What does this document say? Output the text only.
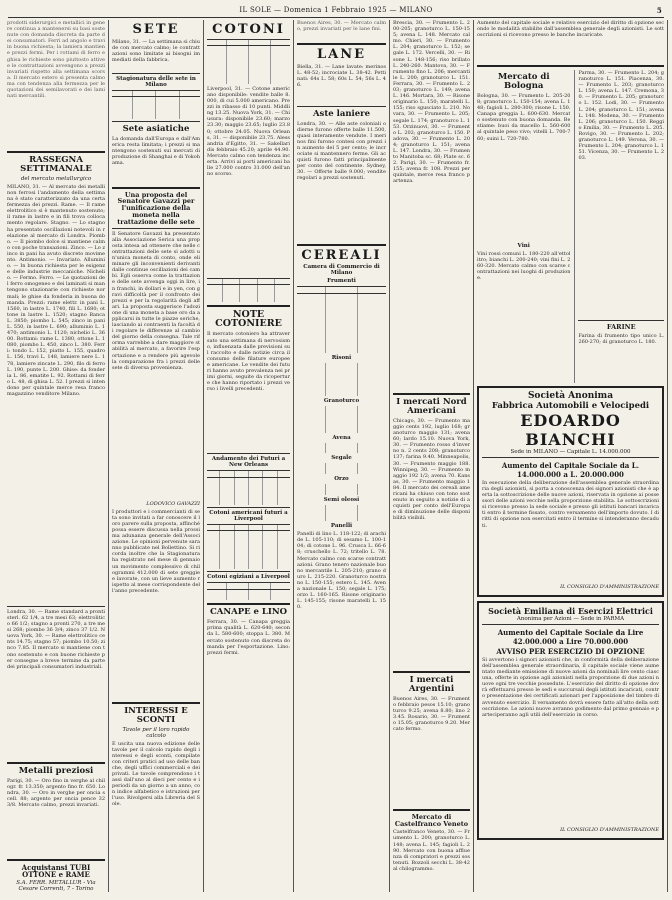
IL SOLE — Domenica 1 Febbraio 1925 — MILANO	5
prodotti siderurgici e metallici in genere continua a mantenersi su basi sostenute con domanda discreta da parte dei consumatori. Ferri ad angolo e travi in buona richiesta; la lamiera mantiene prezzi fermi. Per i rottami di ferro e ghisa le richieste sono piuttosto attive e le contrattazioni avvengono a prezzi invariati rispetto alla settimana scorsa. Il mercato estero si presenta calmo ma con tendenza alla fermezza per le quotazioni dei semilavorati e dei laminati mercantili.
RASSEGNA SETTIMANALE
del mercato metallurgico
MILANO, 31. — Al mercato dei metalli non ferrosi l'andamento della settimana è stato caratterizzato da una certa fermezza dei prezzi. Rame. — Il rame elettrolitico si è mantenuto sostenuto; il rame in lastre e in fili trova collocamento regolare. Stagno. — Lo stagno ha presentato oscillazioni notevoli in relazione al mercato di Londra. Piombo. — Il piombo dolce si mantiene calmo con poche transazioni. Zinco. — Lo zinco in pani ha avuto discreto movimento. Antimonio. — Invariato. Alluminio. — In buona richiesta per le esigenze delle industrie meccaniche. Nichelio. — Fermo. Ferro. — Le quotazioni del ferro omogeneo e dei laminati si mantengono stazionarie con richieste normali; le ghise da fonderia in buona domanda. Prezzi: rame elettr. in pani L. 1560, in lastre L. 1740, fili L. 1680; ottone in lastre L. 1520; stagno Banca L. 3850; piombo L. 545; zinco in pani L. 550, in lastre L. 690; alluminio L. 1470; antimonio L. 1120; nichelio L. 3600. Rottami: rame L. 1380, ottone L. 1080, piombo L. 450, zinco L. 380. Ferri: tondo L. 152, piatto L. 155, quadro L. 156, travi L. 148, lamiere nere L. 178, lamiere zincate L. 290, filo di ferro L. 190, punte L. 200. Ghise: da fonderia L. 86, ematite L. 92. Rottami di ferro L. 48, di ghisa L. 52. I prezzi si intendono per quintale merce resa franco magazzino venditore Milano.
Londra, 30. — Rame standard a pronti sterl. 62 1/4, a tre mesi 63; elettrolitico 66 1/2; stagno a pronti 270, a tre mesi 268; piombo 36 3/4; zinco 37 1/2. Nuova York, 30. — Rame elettrolitico cents 14.75; stagno 57; piombo 10.50; zinco 7.85. Il mercato si mantiene con tono sostenuto e con buone richieste per consegne a breve termine da parte dei principali consumatori industriali.
Metalli preziosi
Parigi, 30. — Oro fino in verghe al chilogr. fr. 13.350; argento fino fr. 650. Londra, 30. — Oro in verghe per oncia scell. 88; argento per oncia pence 32 3/8. Mercato calmo, prezzi invariati.
Acquistansi TUBI OTTONE e RAME
S.A. FERR. METALLUR - Via Cesare Correnti, 7 - Torino
SETE
Milano, 31. — La settimana si chiude con mercato calmo; le contrattazioni sono limitate ai bisogni immediati della fabbrica.
Stagionatura delle sete in Milano

Sete asiatiche
La domanda dall'Europa e dall'America resta limitata; i prezzi si mantengono sostenuti sui mercati di produzione di Shanghai e di Yokohama.
Una proposta del Senatore Gavazzi per l'unificazione della moneta nella trattazione delle sete
Il Senatore Gavazzi ha presentato alla Associazione Serica una proposta intesa ad ottenere che nelle contrattazioni delle sete si adotti un'unica moneta di conto, onde eliminare gli inconvenienti derivanti dalle continue oscillazioni dei cambi. Egli osserva come la trattazione delle sete avvenga oggi in lire, in franchi, in dollari e in yen, con gravi difficoltà per il confronto dei prezzi e per la regolarità degli affari. La proposta suggerisce l'adozione di una moneta a base oro da applicarsi in tutte le piazze seriche, lasciando ai contraenti la facoltà di regolare le differenze al cambio del giorno della consegna. Tale riforma varrebbe a dare maggiore stabilità al mercato, a favorire l'esportazione e a rendere più agevole la comparazione fra i prezzi delle sete di diversa provenienza.
LODOVICO GAVAZZI
I produttori e i commercianti di seta sono invitati a far conoscere il loro parere sulla proposta, affinché possa essere discussa nella prossima adunanza generale dell'Associazione. Le opinioni pervenute saranno pubblicate nel Bollettino. Si ricorda inoltre che la Stagionatura ha registrato nel mese di gennaio un movimento complessivo di chilogrammi 412.000 di sete greggie e lavorate, con un lieve aumento rispetto al mese corrispondente dell'anno precedente.
INTERESSI E SCONTI
Tavole per il loro rapido calcolo
È uscita una nuova edizione delle tavole per il calcolo rapido degli interessi e degli sconti, compilate con criteri pratici ad uso delle banche, degli uffici commerciali e dei privati. Le tavole comprendono i tassi dall'uno al dieci per cento e i periodi da un giorno a un anno, con indice alfabetico e istruzioni per l'uso. Rivolgersi alla Libreria del Sole.
COTONI

Liverpool, 31. — Cotone americano disponibile: vendite balle 8.000, di cui 5.000 americano. Prezzi in ribasso di 10 punti. Middling 13.25. Nuova York, 31. — Chiusura: disponibile 23.60; marzo 23.30; maggio 23.65; luglio 23.80; ottobre 24.05. Nuova Orleans, 31. — disponibile 23.75. Alessandria d'Egitto, 31. — Sakellaridis febbraio 45.20; aprile 44.90. Mercato calmo con tendenza incerta. Arrivi ai porti americani balle 27.000 contro 31.000 dell'anno scorso.

NOTE COTONIERE
Il mercato cotoniero ha attraversato una settimana di nervosismo, influenzata dalle previsioni sul raccolto e dalle notizie circa il consumo delle filature europee e americane. Le vendite dei futuri hanno avuto prevalenza nei primi giorni, seguite da ricoperture che hanno riportato i prezzi verso i livelli precedenti.
Andamento dei Futuri a New Orleans

Cotoni americani futuri a Liverpool

Cotoni egiziani a Liverpool

CANAPE e LINO
Ferrara, 30. — Canapa greggia prima qualità L. 620-640; seconda L. 580-600; stoppa L. 380. Mercato sostenuto con discreta domanda per l'esportazione. Lino: prezzi fermi.
Buenos Aires, 30. — Mercato calmo, prezzi invariati per le lane fini.
LANE
Biella, 31. — Lane lavate: merinos L. 48-52; incrociate L. 38-42. Pettinati: 64s L. 58; 60s L. 54; 56s L. 46.
Aste laniere
Londra, 30. — Alle aste coloniali odierne furono offerte balle 11.500, quasi interamente vendute. I merinos fini furono contesi con prezzi in aumento del 5 per cento; le incrociate si mantennero ferme. Gli acquisti furono fatti principalmente per conto del continente. Sydney, 30. — Offerte balle 9.000; vendite regolari a prezzi sostenuti.
CEREALI
Camera di Commercio di Milano
Frumenti

Risoni

Granoturco

Avena

Segale

Orzo

Semi oleosi

Panelli
Panelli di lino L. 118-122; di arachide L. 105-110; di sesamo L. 100-104; di cotone L. 96. Crusca L. 66-68; cruschello L. 72; tritello L. 78. Mercato calmo con scarse contrattazioni. Grano tenero nazionale buono mercantile L. 205-210; grano duro L. 215-220. Granoturco nostrano L. 150-155; estero L. 145. Avena nazionale L. 150; segale L. 175; orzo L. 160-165. Risone originario L. 145-155; risone maratelli L. 150.
Brescia, 30. — Frumento L. 200-205; granoturco L. 150-155; avena L. 148. Mercato calmo. Chieri, 30. — Frumento L. 204; granoturco L. 152; segale L. 172. Vercelli, 30. — Risone L. 148-156; riso brillato L. 240-260. Mantova, 30. — Frumento fino L. 206; mercantile L. 200; granoturco L. 151. Ferrara, 30. — Frumento L. 203; granoturco L. 149; avena L. 146. Mortara, 30. — Risone originario L. 150; maratelli L. 155; riso sgusciato L. 210. Novara, 30. — Frumento L. 205; segale L. 174; granoturco L. 153. Orzinuovi, 30. — Frumento L. 202; granoturco L. 150. Padova, 30. — Frumento L. 204; granoturco L. 151; avena L. 147. Londra, 30. — Frumento Manitoba sc. 68; Plate sc. 62. Parigi, 30. — Frumento fr. 155; avena fr. 108. Prezzi per quintale, merce resa franco partenza.
I mercati Nord Americani
Chicago, 30. — Frumento maggio cents 192, luglio 168; granoturco maggio 131; avena 60; lardo 15.10. Nuova York, 30. — Frumento rosso d'inverno n. 2 cents 208; granoturco 137; farina 9.40. Minneapolis, 30. — Frumento maggio 188. Winnipeg, 30. — Frumento maggio 192 1/2; avena 70. Kansas, 30. — Frumento maggio 184. Il mercato dei cereali americani ha chiuso con tono sostenuto in seguito a notizie di acquisti per conto dell'Europa e di diminuzione delle disponibilità visibili.
I mercati Argentini
Buenos Aires, 30. — Frumento febbraio pesos 15.10; granoturco 9.25; avena 8.80; lino 23.45. Rosario, 30. — Frumento 15.05; granoturco 9.20. Mercato fermo.
Mercato di Castelfranco Veneto
Castelfranco Veneto, 30. — Frumento L. 200; granoturco L. 148; avena L. 145; fagioli L. 290. Mercato con buona affluenza di compratori e prezzi sostenuti. Bozzoli secchi L. 38-42 al chilogrammo.
Aumento del capitale sociale e relativo esercizio del diritto di opzione secondo le modalità stabilite dall'assemblea generale degli azionisti. Le sottoscrizioni si ricevono presso le banche incaricate.
Mercato di Bologna
Bologna, 30. — Frumento L. 205-208; granoturco L. 150-154; avena L. 148; fagioli L. 280-300; risone L. 150. Canapa greggia L. 600-630. Mercato sostenuto con buona domanda. Bestiame: buoi da macello L. 560-600 al quintale peso vivo; vitelli L. 700-760; suini L. 720-780.
Vini
Vini rossi comuni L. 180-220 all'ettolitro; bianchi L. 200-240; vini fini L. 260-320. Mercato calmo con scarse contrattazioni nei luoghi di produzione.
Parma, 30. — Frumento L. 204; granoturco L. 151. Piacenza, 30. — Frumento L. 203; granoturco L. 150; avena L. 147. Cremona, 30. — Frumento L. 205; granoturco L. 152. Lodi, 30. — Frumento L. 204; granoturco L. 151; avena L. 148. Modena, 30. — Frumento L. 206; granoturco L. 150. Reggio Emilia, 30. — Frumento L. 205. Rovigo, 30. — Frumento L. 202; granoturco L. 149. Verona, 30. — Frumento L. 204; granoturco L. 151. Vicenza, 30. — Frumento L. 203.
FARINE
Farina di frumento tipo unico L. 260-270; di granoturco L. 180.
Società Anonima
Fabbrica Automobili e Velocipedi
EDOARDO BIANCHI
Sede in MILANO — Capitale L. 14.000.000
Aumento del Capitale Sociale da L. 14.000.000 a L. 20.000.000
In esecuzione della deliberazione dell'assemblea generale straordinaria degli azionisti, si porta a conoscenza dei signori azionisti che è aperta la sottoscrizione delle nuove azioni, riservata in opzione ai possessori delle azioni vecchie nella proporzione stabilita. Le sottoscrizioni si ricevono presso la sede sociale e presso gli istituti bancari incaricati entro il termine fissato, contro versamento dell'importo dovuto. I diritti di opzione non esercitati entro il termine si intenderanno decaduti.
IL CONSIGLIO D'AMMINISTRAZIONE
Società Emiliana di Esercizi Elettrici
Anonima per Azioni — Sede in PARMA
Aumento del Capitale Sociale da Lire 42.000.000 a Lire 70.000.000
AVVISO PER ESERCIZIO DI OPZIONE
Si avvertono i signori azionisti che, in conformità della deliberazione dell'assemblea generale straordinaria, il capitale sociale viene aumentato mediante emissione di nuove azioni da nominali lire cento ciascuna, offerte in opzione agli azionisti nella proporzione di due azioni nuove ogni tre vecchie possedute. L'esercizio del diritto di opzione dovrà effettuarsi presso le sedi e succursali degli istituti incaricati, contro presentazione dei certificati azionari per l'apposizione del timbro di avvenuto esercizio. Il versamento dovrà essere fatto all'atto della sottoscrizione. Le azioni nuove avranno godimento dal primo gennaio e parteciperanno agli utili dell'esercizio in corso.
IL CONSIGLIO D'AMMINISTRAZIONE
